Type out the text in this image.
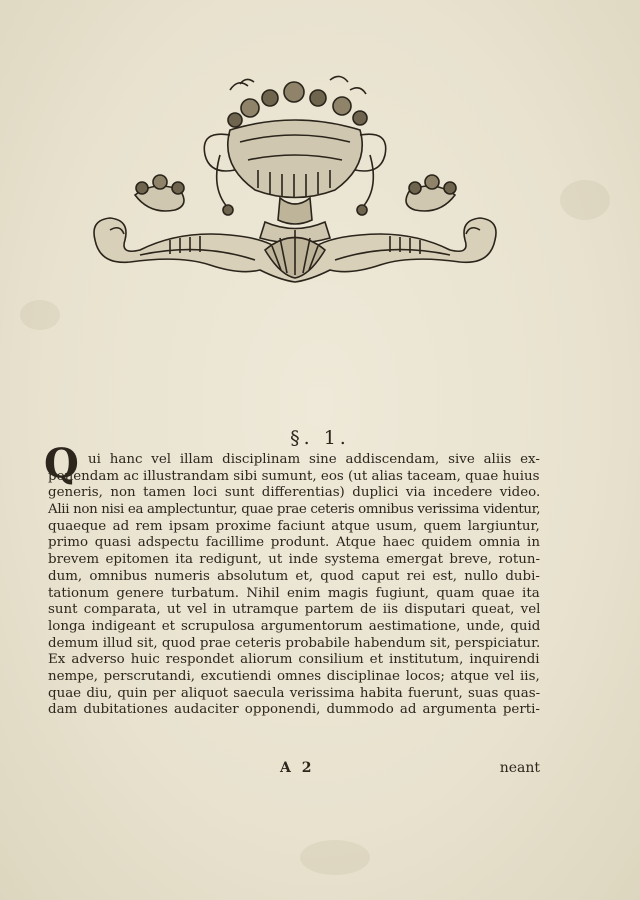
§. 1.
Q ui hanc vel illam disciplinam sine addiscendam, sive aliis ex-
ponendam ac illustrandam sibi sumunt, eos (ut alias taceam, quae huius
generis, non tamen loci sunt differentias) duplici via incedere video.
Alii non nisi ea amplectuntur, quae prae ceteris omnibus verissima videntur,
quaeque ad rem ipsam proxime faciunt atque usum, quem largiuntur,
primo quasi adspectu facillime produnt. Atque haec quidem omnia in
brevem epitomen ita redigunt, ut inde systema emergat breve, rotun-
dum, omnibus numeris absolutum et, quod caput rei est, nullo dubi-
tationum genere turbatum. Nihil enim magis fugiunt, quam quae ita
sunt comparata, ut vel in utramque partem de iis disputari queat, vel
longa indigeant et scrupulosa argumentorum aestimatione, unde, quid
demum illud sit, quod prae ceteris probabile habendum sit, perspiciatur.
Ex adverso huic respondet aliorum consilium et institutum, inquirendi
nempe, perscrutandi, excutiendi omnes disciplinae locos; atque vel iis,
quae diu, quin per aliquot saecula verissima habita fuerunt, suas quas-
dam dubitationes audaciter opponendi, dummodo ad argumenta perti-
A 2	neant
